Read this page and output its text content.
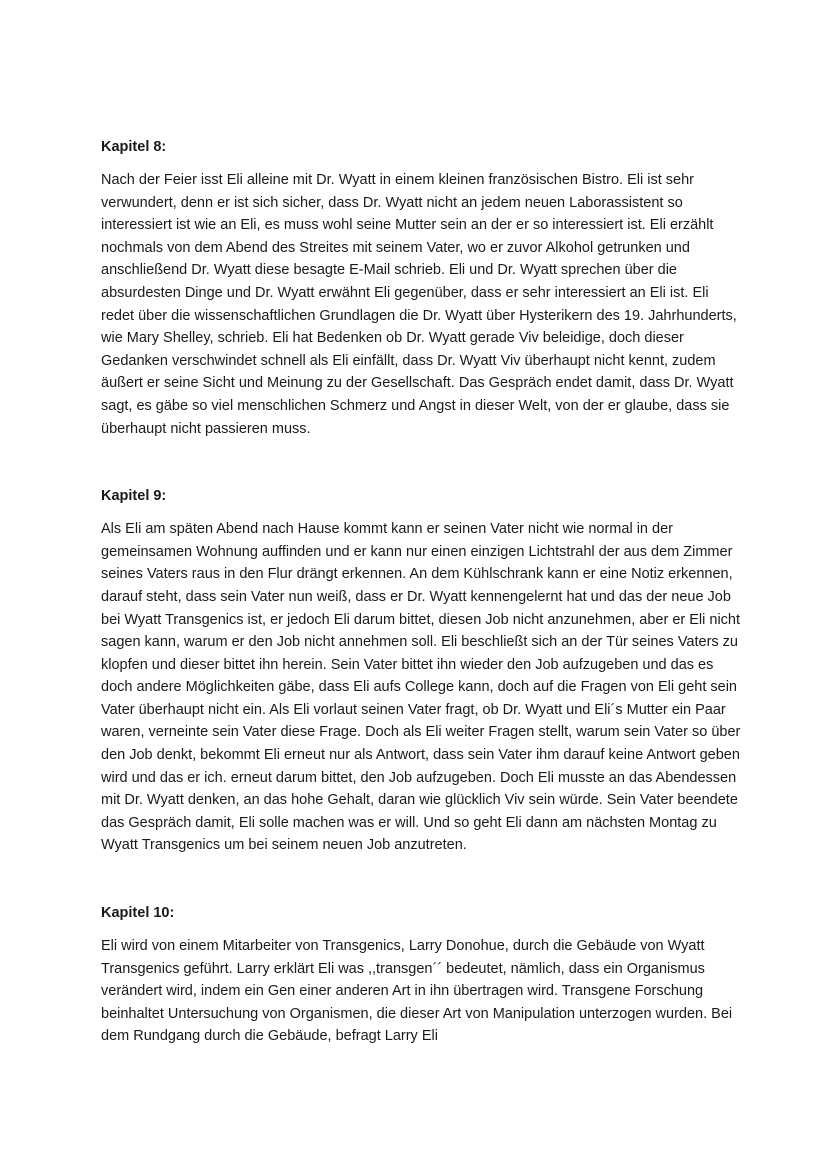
Kapitel 8:

Nach der Feier isst Eli alleine mit Dr. Wyatt in einem kleinen französischen Bistro. Eli ist sehr verwundert, denn er ist sich sicher, dass Dr. Wyatt nicht an jedem neuen Laborassistent so interessiert ist wie an Eli, es muss wohl seine Mutter sein an der er so interessiert ist. Eli erzählt nochmals von dem Abend des Streites mit seinem Vater, wo er zuvor Alkohol getrunken und anschließend Dr. Wyatt diese besagte E-Mail schrieb. Eli und Dr. Wyatt sprechen über die absurdesten Dinge und Dr. Wyatt erwähnt Eli gegenüber, dass er sehr interessiert an Eli ist. Eli redet über die wissenschaftlichen Grundlagen die Dr. Wyatt über Hysterikern des 19. Jahrhunderts, wie Mary Shelley, schrieb. Eli hat Bedenken ob Dr. Wyatt gerade Viv beleidige, doch dieser Gedanken verschwindet schnell als Eli einfällt, dass Dr. Wyatt Viv überhaupt nicht kennt, zudem äußert er seine Sicht und Meinung zu der Gesellschaft. Das Gespräch endet damit, dass Dr. Wyatt sagt, es gäbe so viel menschlichen Schmerz und Angst in dieser Welt, von der er glaube, dass sie überhaupt nicht passieren muss.

Kapitel 9:

Als Eli am späten Abend nach Hause kommt kann er seinen Vater nicht wie normal in der gemeinsamen Wohnung auffinden und er kann nur einen einzigen Lichtstrahl der aus dem Zimmer seines Vaters raus in den Flur drängt erkennen. An dem Kühlschrank kann er eine Notiz erkennen, darauf steht, dass sein Vater nun weiß, dass er Dr. Wyatt kennengelernt hat und das der neue Job bei Wyatt Transgenics ist, er jedoch Eli darum bittet, diesen Job nicht anzunehmen, aber er Eli nicht sagen kann, warum er den Job nicht annehmen soll. Eli beschließt sich an der Tür seines Vaters zu klopfen und dieser bittet ihn herein. Sein Vater bittet ihn wieder den Job aufzugeben und das es doch andere Möglichkeiten gäbe, dass Eli aufs College kann, doch auf die Fragen von Eli geht sein Vater überhaupt nicht ein. Als Eli vorlaut seinen Vater fragt, ob Dr. Wyatt und Eli´s Mutter ein Paar waren, verneinte sein Vater diese Frage. Doch als Eli weiter Fragen stellt, warum sein Vater so über den Job denkt, bekommt Eli erneut nur als Antwort, dass sein Vater ihm darauf keine Antwort geben wird und das er ich. erneut darum bittet, den Job aufzugeben. Doch Eli musste an das Abendessen mit Dr. Wyatt denken, an das hohe Gehalt, daran wie glücklich Viv sein würde. Sein Vater beendete das Gespräch damit, Eli solle machen was er will. Und so geht Eli dann am nächsten Montag zu Wyatt Transgenics um bei seinem neuen Job anzutreten.

Kapitel 10:

Eli wird von einem Mitarbeiter von Transgenics, Larry Donohue, durch die Gebäude von Wyatt Transgenics geführt. Larry erklärt Eli was ,,transgen´´ bedeutet, nämlich, dass ein Organismus verändert wird, indem ein Gen einer anderen Art in ihn übertragen wird. Transgene Forschung beinhaltet Untersuchung von Organismen, die dieser Art von Manipulation unterzogen wurden. Bei dem Rundgang durch die Gebäude, befragt Larry Eli
